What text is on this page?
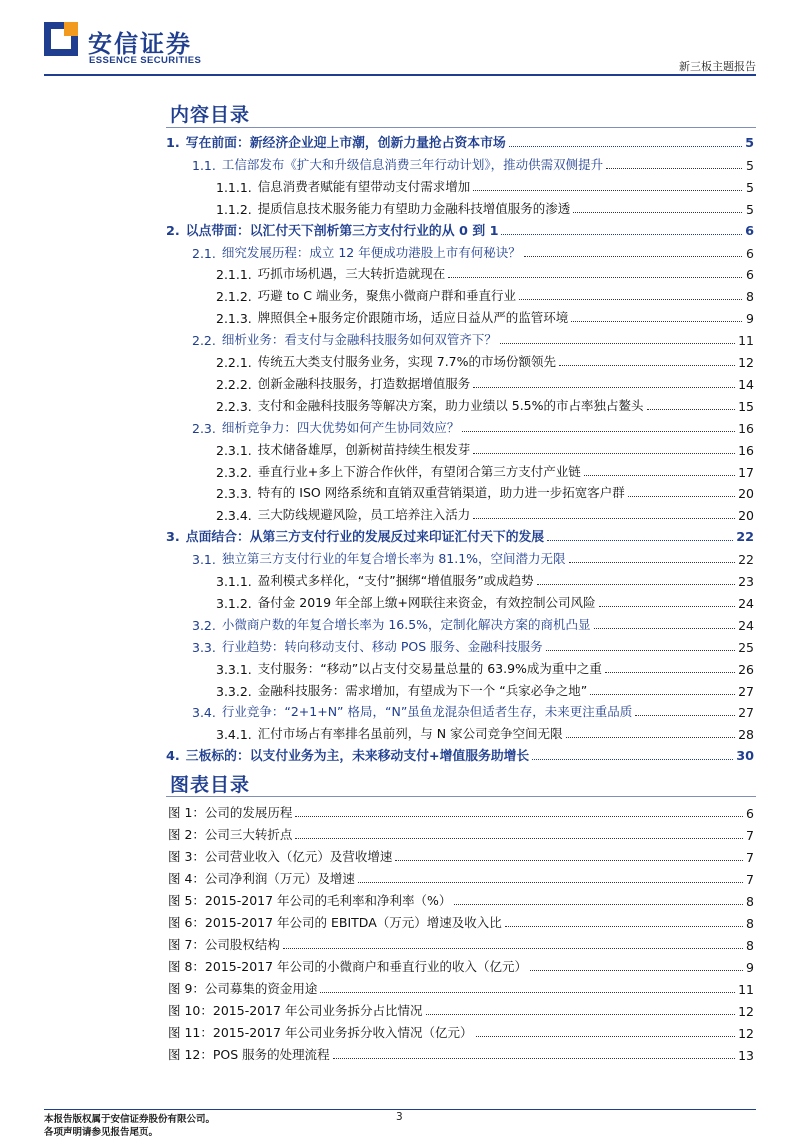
安信证券
ESSENCE SECURITIES	新三板主题报告
内容目录
1. 写在前面：新经济企业迎上市潮，创新力量抢占资本市场	5
1.1. 工信部发布《扩大和升级信息消费三年行动计划》，推动供需双侧提升	5
1.1.1. 信息消费者赋能有望带动支付需求增加	5
1.1.2. 提质信息技术服务能力有望助力金融科技增值服务的渗透	5
2. 以点带面：以汇付天下剖析第三方支付行业的从 0 到 1	6
2.1. 细究发展历程：成立 12 年便成功港股上市有何秘诀？	6
2.1.1. 巧抓市场机遇，三大转折造就现在	6
2.1.2. 巧避 to C 端业务，聚焦小微商户群和垂直行业	8
2.1.3. 牌照俱全+服务定价跟随市场，适应日益从严的监管环境	9
2.2. 细析业务：看支付与金融科技服务如何双管齐下？	11
2.2.1. 传统五大类支付服务业务，实现 7.7%的市场份额领先	12
2.2.2. 创新金融科技服务，打造数据增值服务	14
2.2.3. 支付和金融科技服务等解决方案，助力业绩以 5.5%的市占率独占鳌头	15
2.3. 细析竞争力：四大优势如何产生协同效应？	16
2.3.1. 技术储备雄厚，创新树苗持续生根发芽	16
2.3.2. 垂直行业+多上下游合作伙伴，有望闭合第三方支付产业链	17
2.3.3. 特有的 ISO 网络系统和直销双重营销渠道，助力进一步拓宽客户群	20
2.3.4. 三大防线规避风险，员工培养注入活力	20
3. 点面结合：从第三方支付行业的发展反过来印证汇付天下的发展	22
3.1. 独立第三方支付行业的年复合增长率为 81.1%，空间潜力无限	22
3.1.1. 盈利模式多样化，“支付”捆绑“增值服务”或成趋势	23
3.1.2. 备付金 2019 年全部上缴+网联往来资金，有效控制公司风险	24
3.2. 小微商户数的年复合增长率为 16.5%，定制化解决方案的商机凸显	24
3.3. 行业趋势：转向移动支付、移动 POS 服务、金融科技服务	25
3.3.1. 支付服务：“移动”以占支付交易量总量的 63.9%成为重中之重	26
3.3.2. 金融科技服务：需求增加，有望成为下一个 “兵家必争之地”	27
3.4. 行业竞争：“2+1+N” 格局，“N”虽鱼龙混杂但适者生存，未来更注重品质	27
3.4.1. 汇付市场占有率排名虽前列，与 N 家公司竞争空间无限	28
4. 三板标的：以支付业务为主，未来移动支付+增值服务助增长	30
图表目录
图 1：公司的发展历程	6
图 2：公司三大转折点	7
图 3：公司营业收入（亿元）及营收增速	7
图 4：公司净利润（万元）及增速	7
图 5：2015-2017 年公司的毛利率和净利率（%）	8
图 6：2015-2017 年公司的 EBITDA（万元）增速及收入比	8
图 7：公司股权结构	8
图 8：2015-2017 年公司的小微商户和垂直行业的收入（亿元）	9
图 9：公司募集的资金用途	11
图 10：2015-2017 年公司业务拆分占比情况	12
图 11：2015-2017 年公司业务拆分收入情况（亿元）	12
图 12：POS 服务的处理流程	13
本报告版权属于安信证券股份有限公司。
各项声明请参见报告尾页。
3
